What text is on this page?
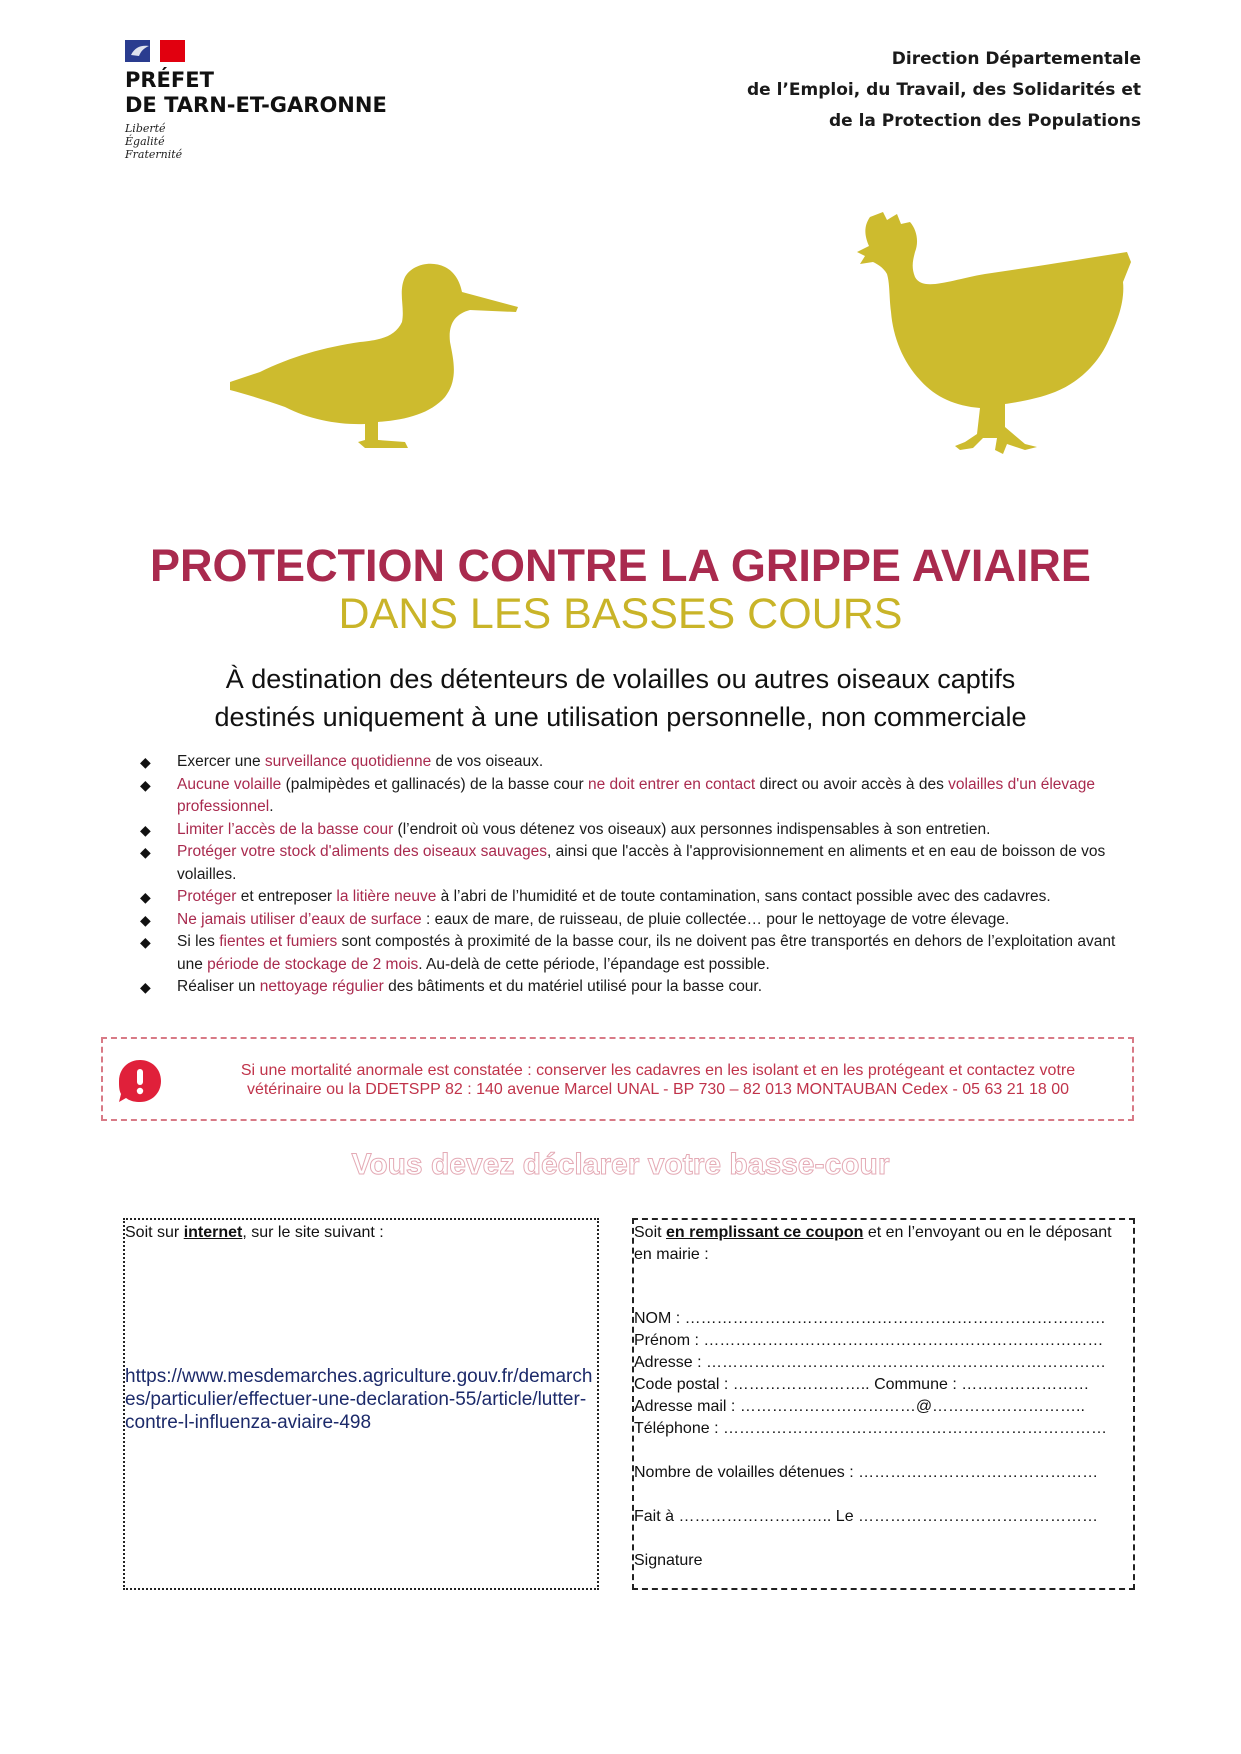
PRÉFET
DE TARN-ET-GARONNE
Liberté
Égalité
Fraternité
Direction Départementale
de l’Emploi, du Travail, des Solidarités et
de la Protection des Populations
PROTECTION CONTRE LA GRIPPE AVIAIRE
DANS LES BASSES COURS
À destination des détenteurs de volailles ou autres oiseaux captifs
destinés uniquement à une utilisation personnelle, non commerciale
◆ Exercer une surveillance quotidienne de vos oiseaux.
◆ Aucune volaille (palmipèdes et gallinacés) de la basse cour ne doit entrer en contact direct ou avoir accès à des volailles d'un élevage professionnel.
◆ Limiter l’accès de la basse cour (l’endroit où vous détenez vos oiseaux) aux personnes indispensables à son entretien.
◆ Protéger votre stock d'aliments des oiseaux sauvages, ainsi que l'accès à l'approvisionnement en aliments et en eau de boisson de vos volailles.
◆ Protéger et entreposer la litière neuve à l’abri de l’humidité et de toute contamination, sans contact possible avec des cadavres.
◆ Ne jamais utiliser d’eaux de surface : eaux de mare, de ruisseau, de pluie collectée… pour le nettoyage de votre élevage.
◆ Si les fientes et fumiers sont compostés à proximité de la basse cour, ils ne doivent pas être transportés en dehors de l’exploitation avant une période de stockage de 2 mois. Au-delà de cette période, l’épandage est possible.
◆ Réaliser un nettoyage régulier des bâtiments et du matériel utilisé pour la basse cour.
Si une mortalité anormale est constatée : conserver les cadavres en les isolant et en les protégeant et contactez votre
vétérinaire ou la DDETSPP 82 : 140 avenue Marcel UNAL - BP 730 – 82 013 MONTAUBAN Cedex - 05 63 21 18 00
Vous devez déclarer votre basse-cour
Soit sur internet, sur le site suivant :
https://www.mesdemarches.agriculture.gouv.fr/demarches/particulier/effectuer-une-declaration-55/article/lutter-contre-l-influenza-aviaire-498
Soit en remplissant ce coupon et en l’envoyant ou en le déposant en mairie :
NOM : …………………………………………………………………….
Prénom : …………………………………………………………………
Adresse : …………………………………………………………………
Code postal : …………………….. Commune : ……………………
Adresse mail : ……………………………@………………………..
Téléphone : ………………………………………………………………
Nombre de volailles détenues : ………………………………………
Fait à ……………………….. Le ………………………………………
Signature
